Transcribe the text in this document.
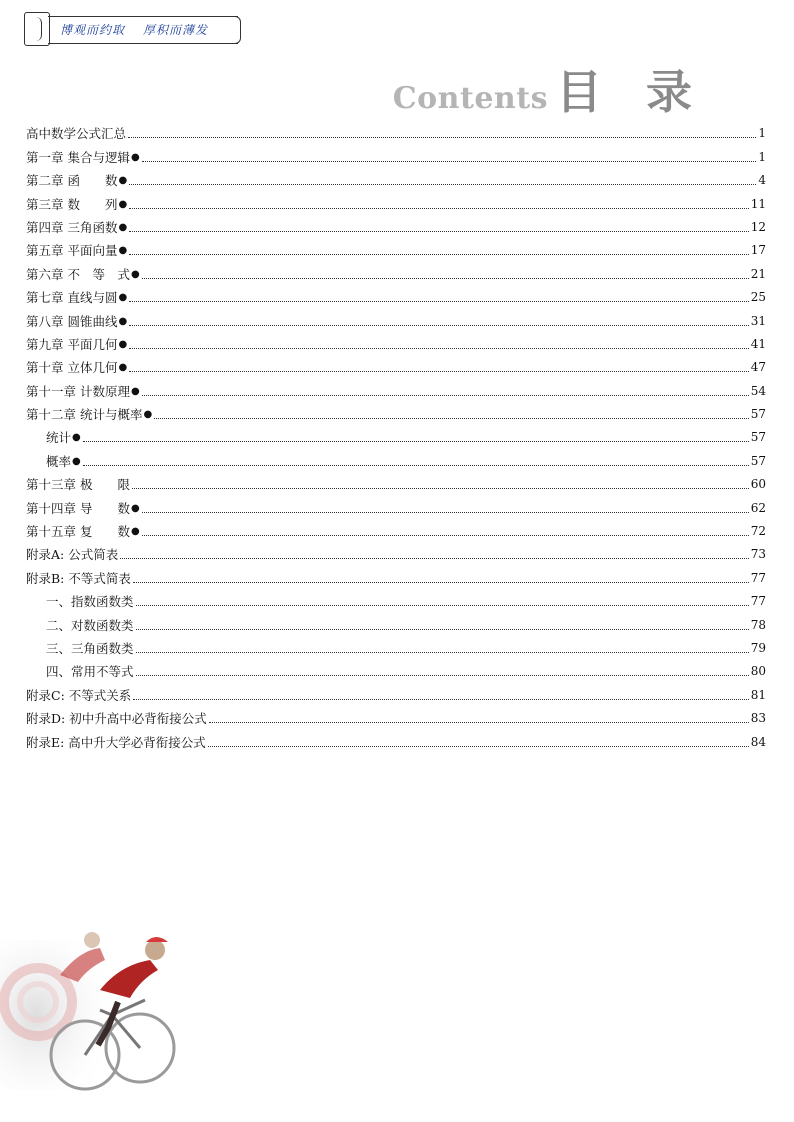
博观而约取 厚积而薄发
Contents 目 录
高中数学公式汇总	1
第一章 集合与逻辑 ●	1
第二章 函　　数 ●	4
第三章 数　　列 ●	11
第四章 三角函数 ●	12
第五章 平面向量 ●	17
第六章 不　等　式 ●	21
第七章 直线与圆 ●	25
第八章 圆锥曲线 ●	31
第九章 平面几何 ●	41
第十章 立体几何 ●	47
第十一章 计数原理 ●	54
第十二章 统计与概率 ●	57
统计 ●	57
概率 ●	57
第十三章 极　　限	60
第十四章 导　　数 ●	62
第十五章 复　　数 ●	72
附录A: 公式简表	73
附录B: 不等式简表	77
一、指数函数类	77
二、对数函数类	78
三、三角函数类	79
四、常用不等式	80
附录C: 不等式关系	81
附录D: 初中升高中必背衔接公式	83
附录E: 高中升大学必背衔接公式	84
